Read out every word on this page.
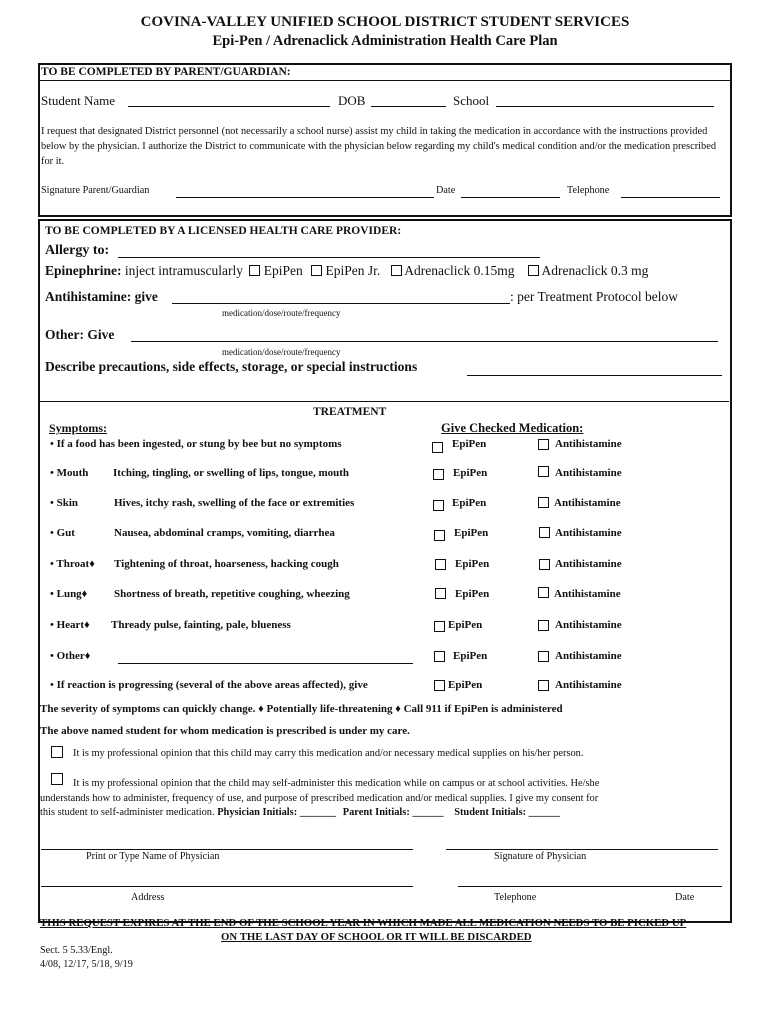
COVINA-VALLEY UNIFIED SCHOOL DISTRICT STUDENT SERVICES
Epi-Pen / Adrenaclick Administration Health Care Plan
TO BE COMPLETED BY PARENT/GUARDIAN:
Student Name	DOB	School
I request that designated District personnel (not necessarily a school nurse) assist my child in taking the medication in accordance with the instructions provided below by the physician. I authorize the District to communicate with the physician below regarding my child's medical condition and/or the medication prescribed for it.
Signature Parent/Guardian	Date	Telephone
TO BE COMPLETED BY A LICENSED HEALTH CARE PROVIDER:
Allergy to:
Epinephrine: inject intramuscularly EpiPen EpiPen Jr. Adrenaclick 0.15mg Adrenaclick 0.3 mg
Antihistamine: give	: per Treatment Protocol below
medication/dose/route/frequency
Other: Give
medication/dose/route/frequency
Describe precautions, side effects, storage, or special instructions
TREATMENT
Symptoms:	Give Checked Medication:
• If a food has been ingested, or stung by bee but no symptoms	EpiPen	Antihistamine
• Mouth Itching, tingling, or swelling of lips, tongue, mouth	EpiPen	Antihistamine
• Skin	Hives, itchy rash, swelling of the face or extremities	EpiPen	Antihistamine
• Gut	Nausea, abdominal cramps, vomiting, diarrhea	EpiPen	Antihistamine
• Throat♦ Tightening of throat, hoarseness, hacking cough	EpiPen	Antihistamine
• Lung♦ Shortness of breath, repetitive coughing, wheezing	EpiPen	Antihistamine
• Heart♦ Thready pulse, fainting, pale, blueness	EpiPen	Antihistamine
• Other♦	EpiPen	Antihistamine
• If reaction is progressing (several of the above areas affected), give	EpiPen	Antihistamine
The severity of symptoms can quickly change. ♦ Potentially life-threatening ♦ Call 911 if EpiPen is administered
The above named student for whom medication is prescribed is under my care.
It is my professional opinion that this child may carry this medication and/or necessary medical supplies on his/her person.
It is my professional opinion that the child may self-administer this medication while on campus or at school activities. He/she
understands how to administer, frequency of use, and purpose of prescribed medication and/or medical supplies. I give my consent for
this student to self-administer medication. Physician Initials: _______ Parent Initials: ______ Student Initials: ______
Print or Type Name of Physician	Signature of Physician
Address	Telephone	Date
THIS REQUEST EXPIRES AT THE END OF THE SCHOOL YEAR IN WHICH MADE ALL MEDICATION NEEDS TO BE PICKED UP
ON THE LAST DAY OF SCHOOL OR IT WILL BE DISCARDED
Sect. 5 5.33/Engl.
4/08, 12/17, 5/18, 9/19
